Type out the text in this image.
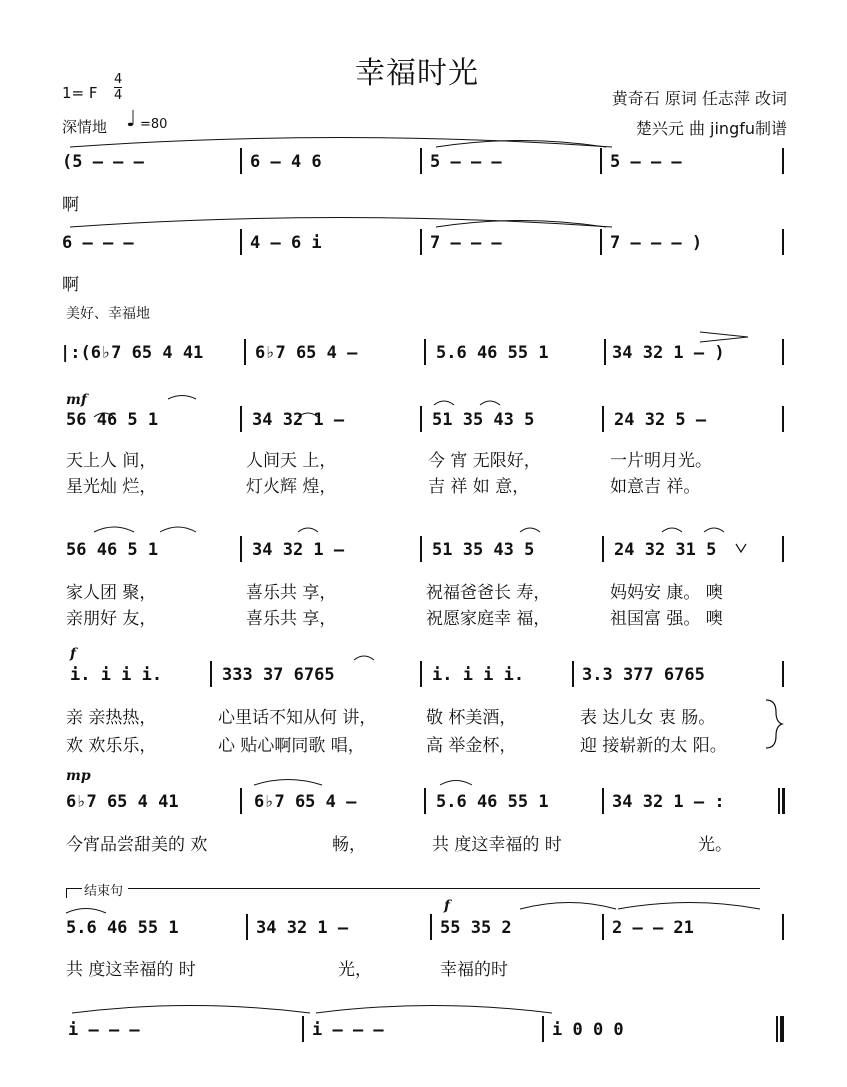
幸福时光
1= F
4
4
深情地 ♩ =80
黄奇石 原词 任志萍 改词
楚兴元 曲 jingfu制谱
(5 – – –	6 – 4 6	5 – – –	5 – – –
啊
6 – – –	4 – 6 i	7 – – –	7 – – – )
啊
美好、幸福地
|:(6♭7 65 4 41	6♭7 65 4 –	5.6 46 55 1	34 32 1 – )
mf
56 46 5 1	34 32 1 –	51 35 43 5	24 32 5 –
天上人 间，	人间天 上，	今 宵 无限好，	一片明月光。
星光灿 烂，	灯火辉 煌，	吉 祥 如 意，	如意吉 祥。
56 46 5 1	34 32 1 –	51 35 43 5	24 32 31 5
家人团 聚，	喜乐共 享，	祝福爸爸长 寿，	妈妈安 康。 噢
亲朋好 友，	喜乐共 享，	祝愿家庭幸 福，	祖国富 强。 噢
f
i. i i i.	333 37 6765	i. i i i.	3.3 377 6765
亲 亲热热，	心里话不知从何 讲，	敬 杯美酒，	表 达儿女 衷 肠。
欢 欢乐乐，	心 贴心啊同歌 唱，	高 举金杯，	迎 接崭新的太 阳。
mp
6♭7 65 4 41	6♭7 65 4 –	5.6 46 55 1	34 32 1 – :
今宵品尝甜美的 欢	畅，	共 度这幸福的 时	光。
结束句
f
5.6 46 55 1	34 32 1 –	55 35 2	2 – – 21
共 度这幸福的 时	光，	幸福的时
i – – –	i – – –	i 0 0 0
